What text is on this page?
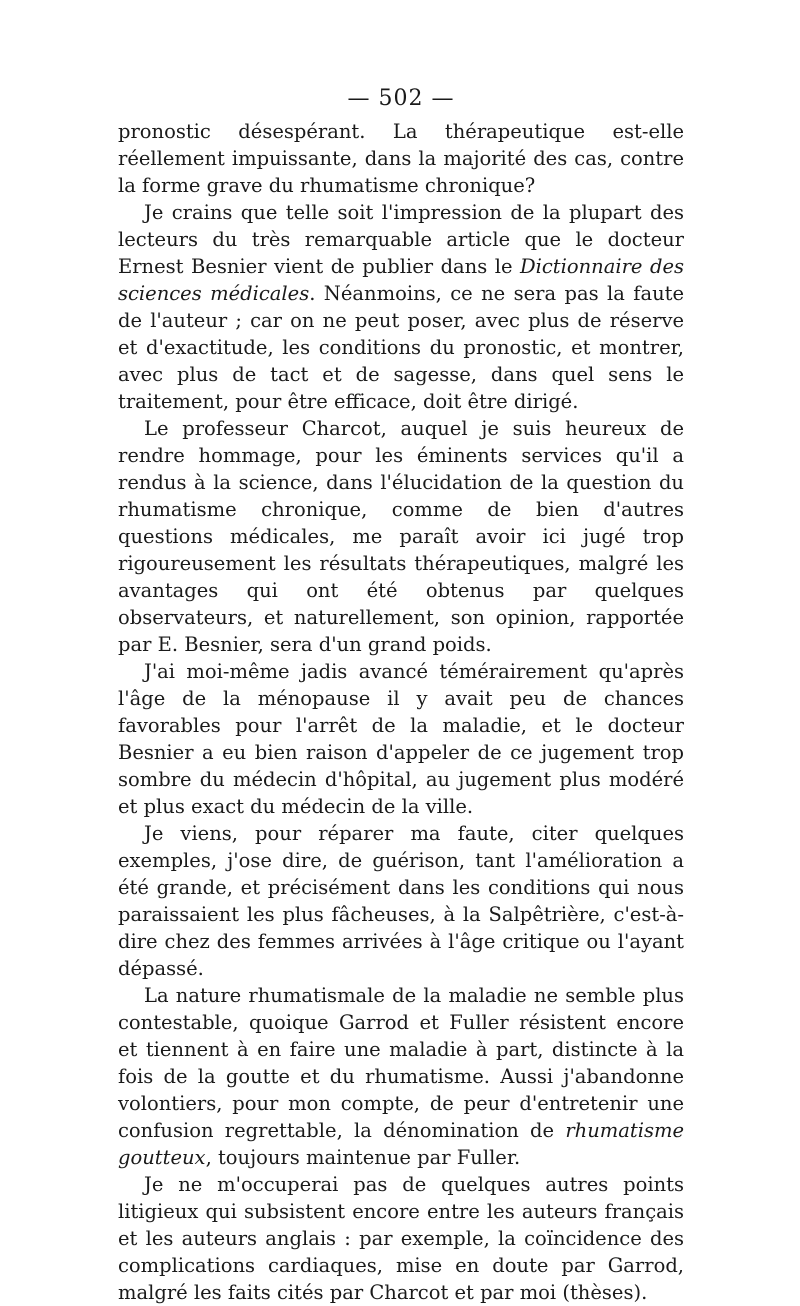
— 502 —

pronostic désespérant. La thérapeutique est-elle réellement impuissante, dans la majorité des cas, contre la forme grave du rhumatisme chronique?

Je crains que telle soit l'impression de la plupart des lecteurs du très remarquable article que le docteur Ernest Besnier vient de publier dans le Dictionnaire des sciences médicales. Néanmoins, ce ne sera pas la faute de l'auteur ; car on ne peut poser, avec plus de réserve et d'exactitude, les conditions du pronostic, et montrer, avec plus de tact et de sagesse, dans quel sens le traitement, pour être efficace, doit être dirigé.

Le professeur Charcot, auquel je suis heureux de rendre hommage, pour les éminents services qu'il a rendus à la science, dans l'élucidation de la question du rhumatisme chronique, comme de bien d'autres questions médicales, me paraît avoir ici jugé trop rigoureusement les résultats thérapeutiques, malgré les avantages qui ont été obtenus par quelques observateurs, et naturellement, son opinion, rapportée par E. Besnier, sera d'un grand poids.

J'ai moi-même jadis avancé témérairement qu'après l'âge de la ménopause il y avait peu de chances favorables pour l'arrêt de la maladie, et le docteur Besnier a eu bien raison d'appeler de ce jugement trop sombre du médecin d'hôpital, au jugement plus modéré et plus exact du médecin de la ville.

Je viens, pour réparer ma faute, citer quelques exemples, j'ose dire, de guérison, tant l'amélioration a été grande, et précisément dans les conditions qui nous paraissaient les plus fâcheuses, à la Salpêtrière, c'est-à-dire chez des femmes arrivées à l'âge critique ou l'ayant dépassé.

La nature rhumatismale de la maladie ne semble plus contestable, quoique Garrod et Fuller résistent encore et tiennent à en faire une maladie à part, distincte à la fois de la goutte et du rhumatisme. Aussi j'abandonne volontiers, pour mon compte, de peur d'entretenir une confusion regrettable, la dénomination de rhumatisme goutteux, toujours maintenue par Fuller.

Je ne m'occuperai pas de quelques autres points litigieux qui subsistent encore entre les auteurs français et les auteurs anglais : par exemple, la coïncidence des complications cardiaques, mise en doute par Garrod, malgré les faits cités par Charcot et par moi (thèses).
